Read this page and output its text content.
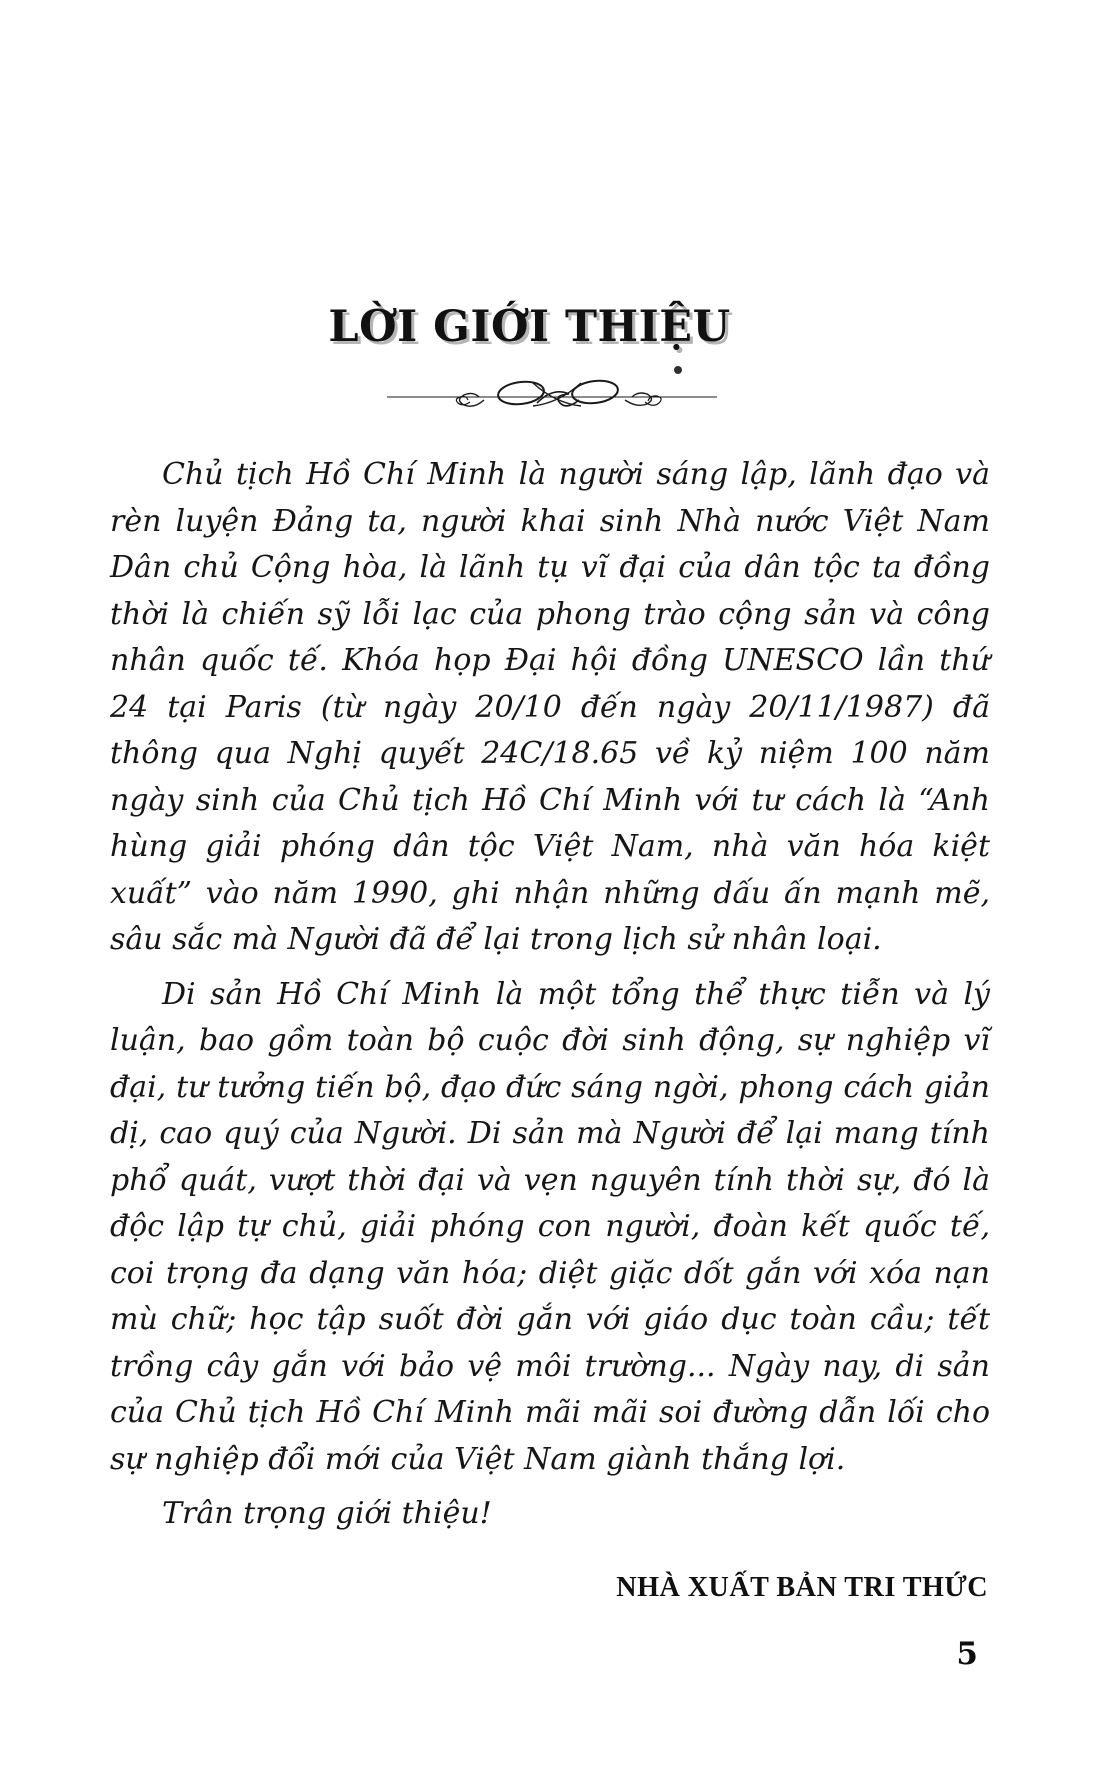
LỜI GIỚI THIỆU

Chủ tịch Hồ Chí Minh là người sáng lập, lãnh đạo và rèn luyện Đảng ta, người khai sinh Nhà nước Việt Nam Dân chủ Cộng hòa, là lãnh tụ vĩ đại của dân tộc ta đồng thời là chiến sỹ lỗi lạc của phong trào cộng sản và công nhân quốc tế. Khóa họp Đại hội đồng UNESCO lần thứ 24 tại Paris (từ ngày 20/10 đến ngày 20/11/1987) đã thông qua Nghị quyết 24C/18.65 về kỷ niệm 100 năm ngày sinh của Chủ tịch Hồ Chí Minh với tư cách là “Anh hùng giải phóng dân tộc Việt Nam, nhà văn hóa kiệt xuất” vào năm 1990, ghi nhận những dấu ấn mạnh mẽ, sâu sắc mà Người đã để lại trong lịch sử nhân loại.

Di sản Hồ Chí Minh là một tổng thể thực tiễn và lý luận, bao gồm toàn bộ cuộc đời sinh động, sự nghiệp vĩ đại, tư tưởng tiến bộ, đạo đức sáng ngời, phong cách giản dị, cao quý của Người. Di sản mà Người để lại mang tính phổ quát, vượt thời đại và vẹn nguyên tính thời sự, đó là độc lập tự chủ, giải phóng con người, đoàn kết quốc tế, coi trọng đa dạng văn hóa; diệt giặc dốt gắn với xóa nạn mù chữ; học tập suốt đời gắn với giáo dục toàn cầu; tết trồng cây gắn với bảo vệ môi trường... Ngày nay, di sản của Chủ tịch Hồ Chí Minh mãi mãi soi đường dẫn lối cho sự nghiệp đổi mới của Việt Nam giành thắng lợi.

Trân trọng giới thiệu!

NHÀ XUẤT BẢN TRI THỨC
5
